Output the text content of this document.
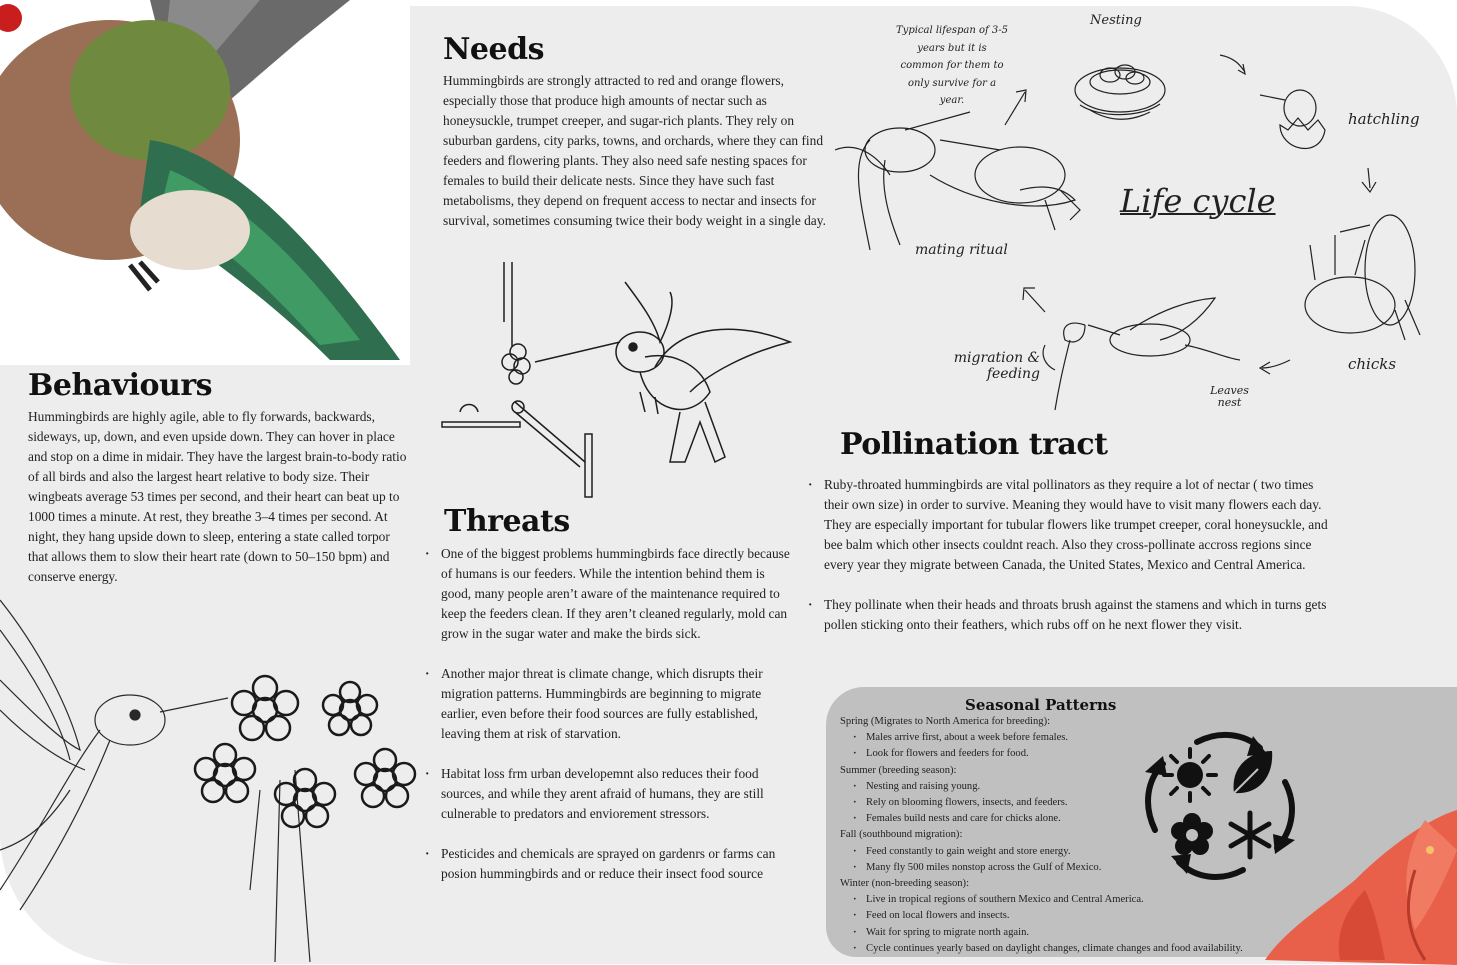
Needs
Hummingbirds are strongly attracted to red and orange flowers, especially those that produce high amounts of nectar such as honeysuckle, trumpet creeper, and sugar-rich plants. They rely on suburban gardens, city parks, towns, and orchards, where they can find feeders and flowering plants. They also need safe nesting spaces for females to build their delicate nests. Since they have such fast metabolisms, they depend on frequent access to nectar and insects for survival, sometimes consuming twice their body weight in a single day.
Behaviours
Hummingbirds are highly agile, able to fly forwards, backwards, sideways, up, down, and even upside down. They can hover in place and stop on a dime in midair. They have the largest brain-to-body ratio of all birds and also the largest heart relative to body size. Their wingbeats average 53 times per second, and their heart can beat up to 1000 times a minute. At rest, they breathe 3–4 times per second. At night, they hang upside down to sleep, entering a state called torpor that allows them to slow their heart rate (down to 50–150 bpm) and conserve energy.
Threats
· One of the biggest problems hummingbirds face directly because of humans is our feeders. While the intention behind them is good, many people aren’t aware of the maintenance required to keep the feeders clean. If they aren’t cleaned regularly, mold can grow in the sugar water and make the birds sick.
· Another major threat is climate change, which disrupts their migration patterns. Hummingbirds are beginning to migrate earlier, even before their food sources are fully established, leaving them at risk of starvation.
· Habitat loss frm urban developemnt also reduces their food sources, and while they arent afraid of humans, they are still culnerable to predators and enviorement stressors.
· Pesticides and chemicals are sprayed on gardenrs or farms can posion hummingbirds and or reduce their insect food source
Typical lifespan of 3-5 years but it is common for them to only survive for a year.
Nesting
hatchling
chicks
Leaves nest
migration & feeding
mating ritual
Life cycle
Pollination tract
· Ruby-throated hummingbirds are vital pollinators as they require a lot of nectar ( two times their own size) in order to survive. Meaning they would have to visit many flowers each day. They are especially important for tubular flowers like trumpet creeper, coral honeysuckle, and bee balm which other insects couldnt reach. Also they cross-pollinate accross regions since every year they migrate between Canada, the United States, Mexico and Central America.
· They pollinate when their heads and throats brush against the stamens and which in turns gets pollen sticking onto their feathers, which rubs off on he next flower they visit.
Seasonal Patterns
Spring (Migrates to North America for breeding):
· Males arrive first, about a week before females.
· Look for flowers and feeders for food.
Summer (breeding season):
· Nesting and raising young.
· Rely on blooming flowers, insects, and feeders.
· Females build nests and care for chicks alone.
Fall (southbound migration):
· Feed constantly to gain weight and store energy.
· Many fly 500 miles nonstop across the Gulf of Mexico.
Winter (non-breeding season):
· Live in tropical regions of southern Mexico and Central America.
· Feed on local flowers and insects.
· Wait for spring to migrate north again.
· Cycle continues yearly based on daylight changes, climate changes and food availability.
